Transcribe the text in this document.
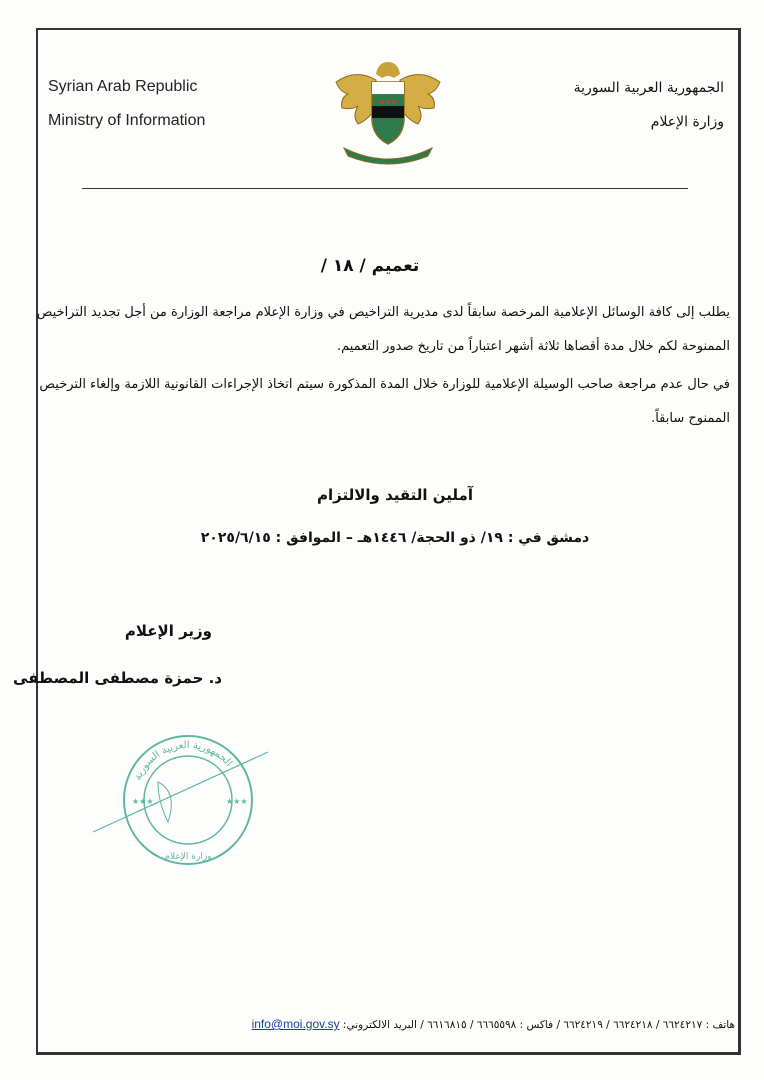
Syrian Arab Republic
Ministry of Information
الجمهورية العربية السورية
وزارة الإعلام
★★★
تعميم / ١٨ /
يطلب إلى كافة الوسائل الإعلامية المرخصة سابقاً لدى مديرية التراخيص في وزارة الإعلام مراجعة الوزارة من أجل تجديد التراخيص الممنوحة لكم خلال مدة أقصاها ثلاثة أشهر اعتباراً من تاريخ صدور التعميم.
في حال عدم مراجعة صاحب الوسيلة الإعلامية للوزارة خلال المدة المذكورة سيتم اتخاذ الإجراءات القانونية اللازمة وإلغاء الترخيص الممنوح سابقاً.
آملين التقيد والالتزام
دمشق في : ١٩/ ذو الحجة/ ١٤٤٦هـ – الموافق : ٢٠٢٥/٦/١٥
وزير الإعلام
د. حمزة مصطفى المصطفى
الجمهورية العربية السورية
وزارة الإعلام
★★★	★★★
هاتف : ٦٦٢٤٢١٧ / ٦٦٢٤٢١٨ / ٦٦٢٤٢١٩ / فاكس : ٦٦٦٥٥٩٨ / ٦٦١٦٨١٥ / البريد الالكتروني: info@moi.gov.sy
